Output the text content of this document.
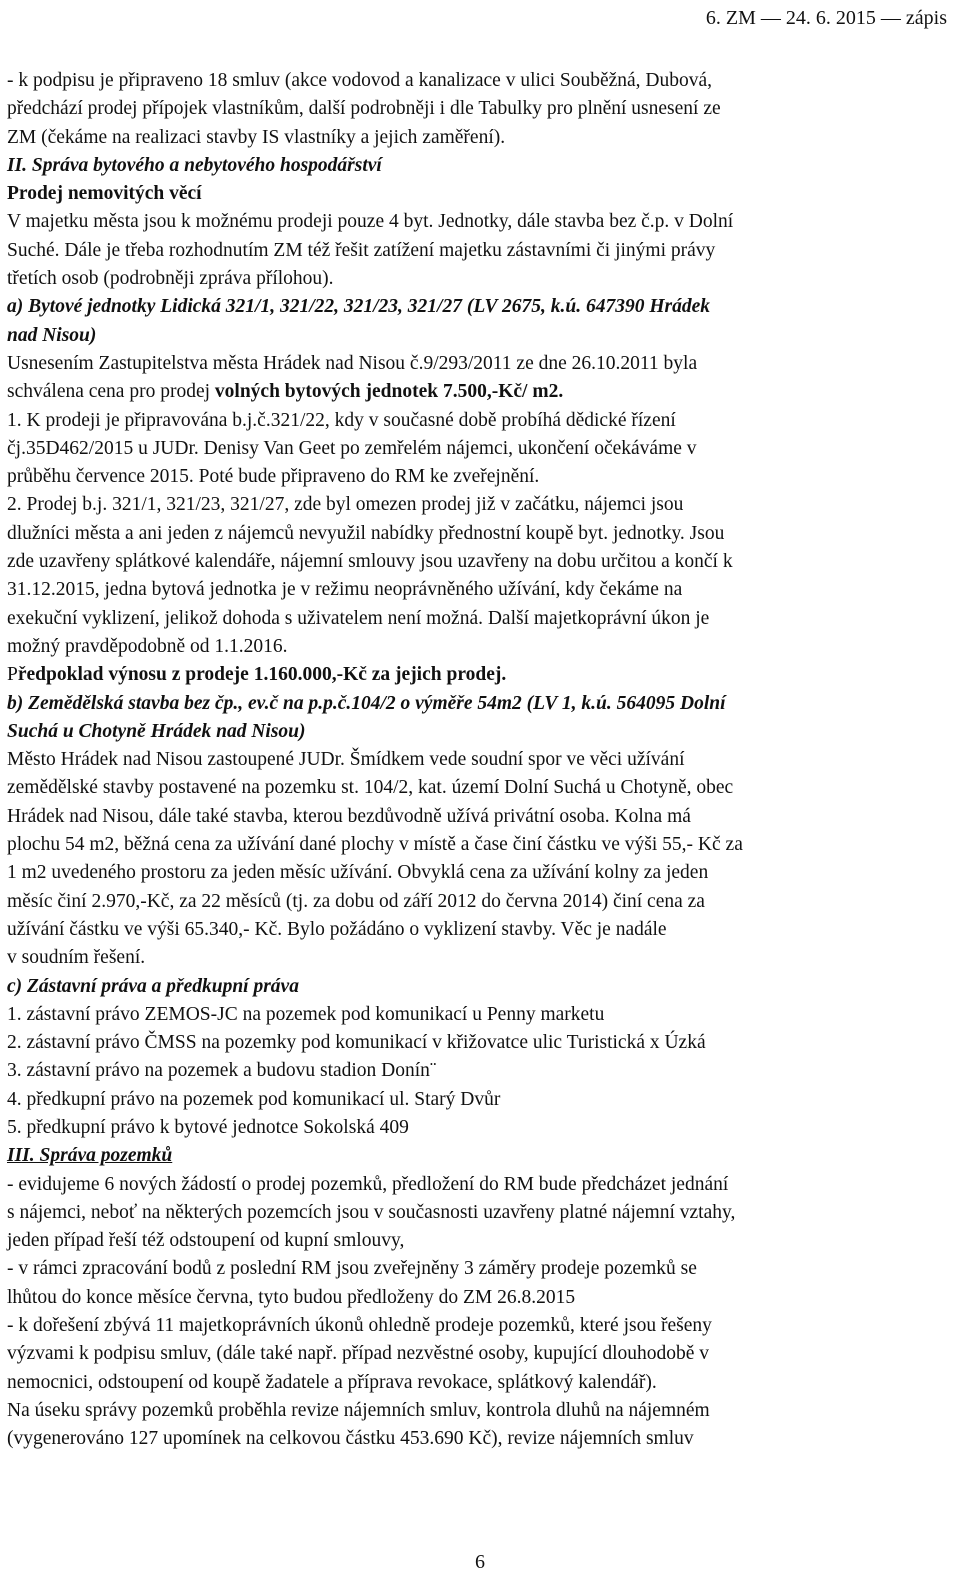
6. ZM — 24. 6. 2015 — zápis
- k podpisu je připraveno 18 smluv (akce vodovod a kanalizace v ulici Souběžná, Dubová,
předchází prodej přípojek vlastníkům, další podrobněji i dle Tabulky pro plnění usnesení ze
ZM (čekáme na realizaci stavby IS vlastníky a jejich zaměření).
II. Správa bytového a nebytového hospodářství
Prodej nemovitých věcí
V majetku města jsou k možnému prodeji pouze 4 byt. Jednotky, dále stavba bez č.p. v Dolní
Suché. Dále je třeba rozhodnutím ZM též řešit zatížení majetku zástavními či jinými právy
třetích osob (podrobněji zpráva přílohou).
a) Bytové jednotky Lidická 321/1, 321/22, 321/23, 321/27 (LV 2675, k.ú. 647390 Hrádek
nad Nisou)
Usnesením Zastupitelstva města Hrádek nad Nisou č.9/293/2011 ze dne 26.10.2011 byla
schválena cena pro prodej volných bytových jednotek 7.500,-Kč/ m2.
1. K prodeji je připravována b.j.č.321/22, kdy v současné době probíhá dědické řízení
čj.35D462/2015 u JUDr. Denisy Van Geet po zemřelém nájemci, ukončení očekáváme v
průběhu července 2015. Poté bude připraveno do RM ke zveřejnění.
2. Prodej b.j. 321/1, 321/23, 321/27, zde byl omezen prodej již v začátku, nájemci jsou
dlužníci města a ani jeden z nájemců nevyužil nabídky přednostní koupě byt. jednotky. Jsou
zde uzavřeny splátkové kalendáře, nájemní smlouvy jsou uzavřeny na dobu určitou a končí k
31.12.2015, jedna bytová jednotka je v režimu neoprávněného užívání, kdy čekáme na
exekuční vyklizení, jelikož dohoda s uživatelem není možná. Další majetkoprávní úkon je
možný pravděpodobně od 1.1.2016.
Předpoklad výnosu z prodeje 1.160.000,-Kč za jejich prodej.
b) Zemědělská stavba bez čp., ev.č na p.p.č.104/2 o výměře 54m2 (LV 1, k.ú. 564095 Dolní
Suchá u Chotyně Hrádek nad Nisou)
Město Hrádek nad Nisou zastoupené JUDr. Šmídkem vede soudní spor ve věci užívání
zemědělské stavby postavené na pozemku st. 104/2, kat. území Dolní Suchá u Chotyně, obec
Hrádek nad Nisou, dále také stavba, kterou bezdůvodně užívá privátní osoba. Kolna má
plochu 54 m2, běžná cena za užívání dané plochy v místě a čase činí částku ve výši 55,- Kč za
1 m2 uvedeného prostoru za jeden měsíc užívání. Obvyklá cena za užívání kolny za jeden
měsíc činí 2.970,-Kč, za 22 měsíců (tj. za dobu od září 2012 do června 2014) činí cena za
užívání částku ve výši 65.340,- Kč. Bylo požádáno o vyklizení stavby. Věc je nadále
v soudním řešení.
c) Zástavní práva a předkupní práva
1. zástavní právo ZEMOS-JC na pozemek pod komunikací u Penny marketu
2. zástavní právo ČMSS na pozemky pod komunikací v křižovatce ulic Turistická x Úzká
3. zástavní právo na pozemek a budovu stadion Donín¨
4. předkupní právo na pozemek pod komunikací ul. Starý Dvůr
5. předkupní právo k bytové jednotce Sokolská 409
III. Správa pozemků
- evidujeme 6 nových žádostí o prodej pozemků, předložení do RM bude předcházet jednání
s nájemci, neboť na některých pozemcích jsou v současnosti uzavřeny platné nájemní vztahy,
jeden případ řeší též odstoupení od kupní smlouvy,
- v rámci zpracování bodů z poslední RM jsou zveřejněny 3 záměry prodeje pozemků se
lhůtou do konce měsíce června, tyto budou předloženy do ZM 26.8.2015
- k dořešení zbývá 11 majetkoprávních úkonů ohledně prodeje pozemků, které jsou řešeny
výzvami k podpisu smluv, (dále také např. případ nezvěstné osoby, kupující dlouhodobě v
nemocnici, odstoupení od koupě žadatele a příprava revokace, splátkový kalendář).
Na úseku správy pozemků proběhla revize nájemních smluv, kontrola dluhů na nájemném
(vygenerováno 127 upomínek na celkovou částku 453.690 Kč), revize nájemních smluv
6
